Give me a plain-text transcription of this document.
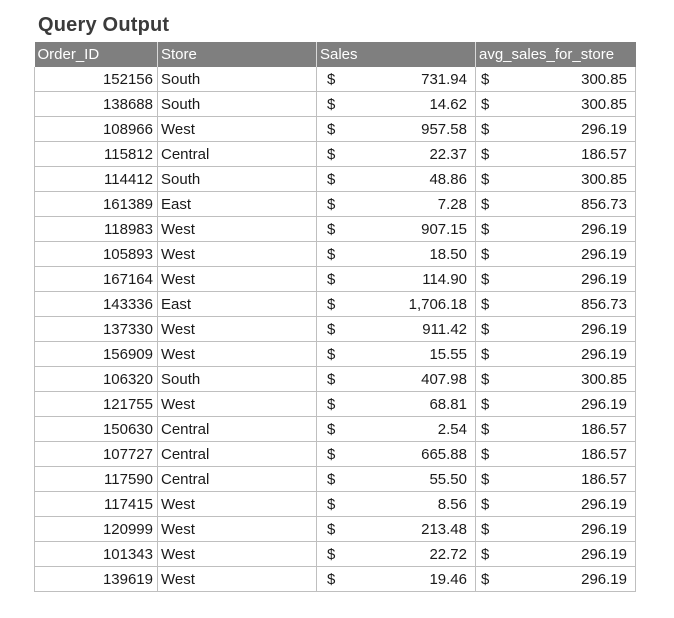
Query Output
Order_ID	Store	Sales	avg_sales_for_store
152156	South	$ 731.94	$ 300.85

138688	South	$ 14.62	$ 300.85

108966	West	$ 957.58	$ 296.19

115812	Central	$ 22.37	$ 186.57

114412	South	$ 48.86	$ 300.85

161389	East	$ 7.28	$ 856.73

118983	West	$ 907.15	$ 296.19

105893	West	$ 18.50	$ 296.19

167164	West	$ 114.90	$ 296.19

143336	East	$ 1,706.18	$ 856.73

137330	West	$ 911.42	$ 296.19

156909	West	$ 15.55	$ 296.19

106320	South	$ 407.98	$ 300.85

121755	West	$ 68.81	$ 296.19

150630	Central	$ 2.54	$ 186.57

107727	Central	$ 665.88	$ 186.57

117590	Central	$ 55.50	$ 186.57

117415	West	$ 8.56	$ 296.19

120999	West	$ 213.48	$ 296.19

101343	West	$ 22.72	$ 296.19

139619	West	$ 19.46	$ 296.19
